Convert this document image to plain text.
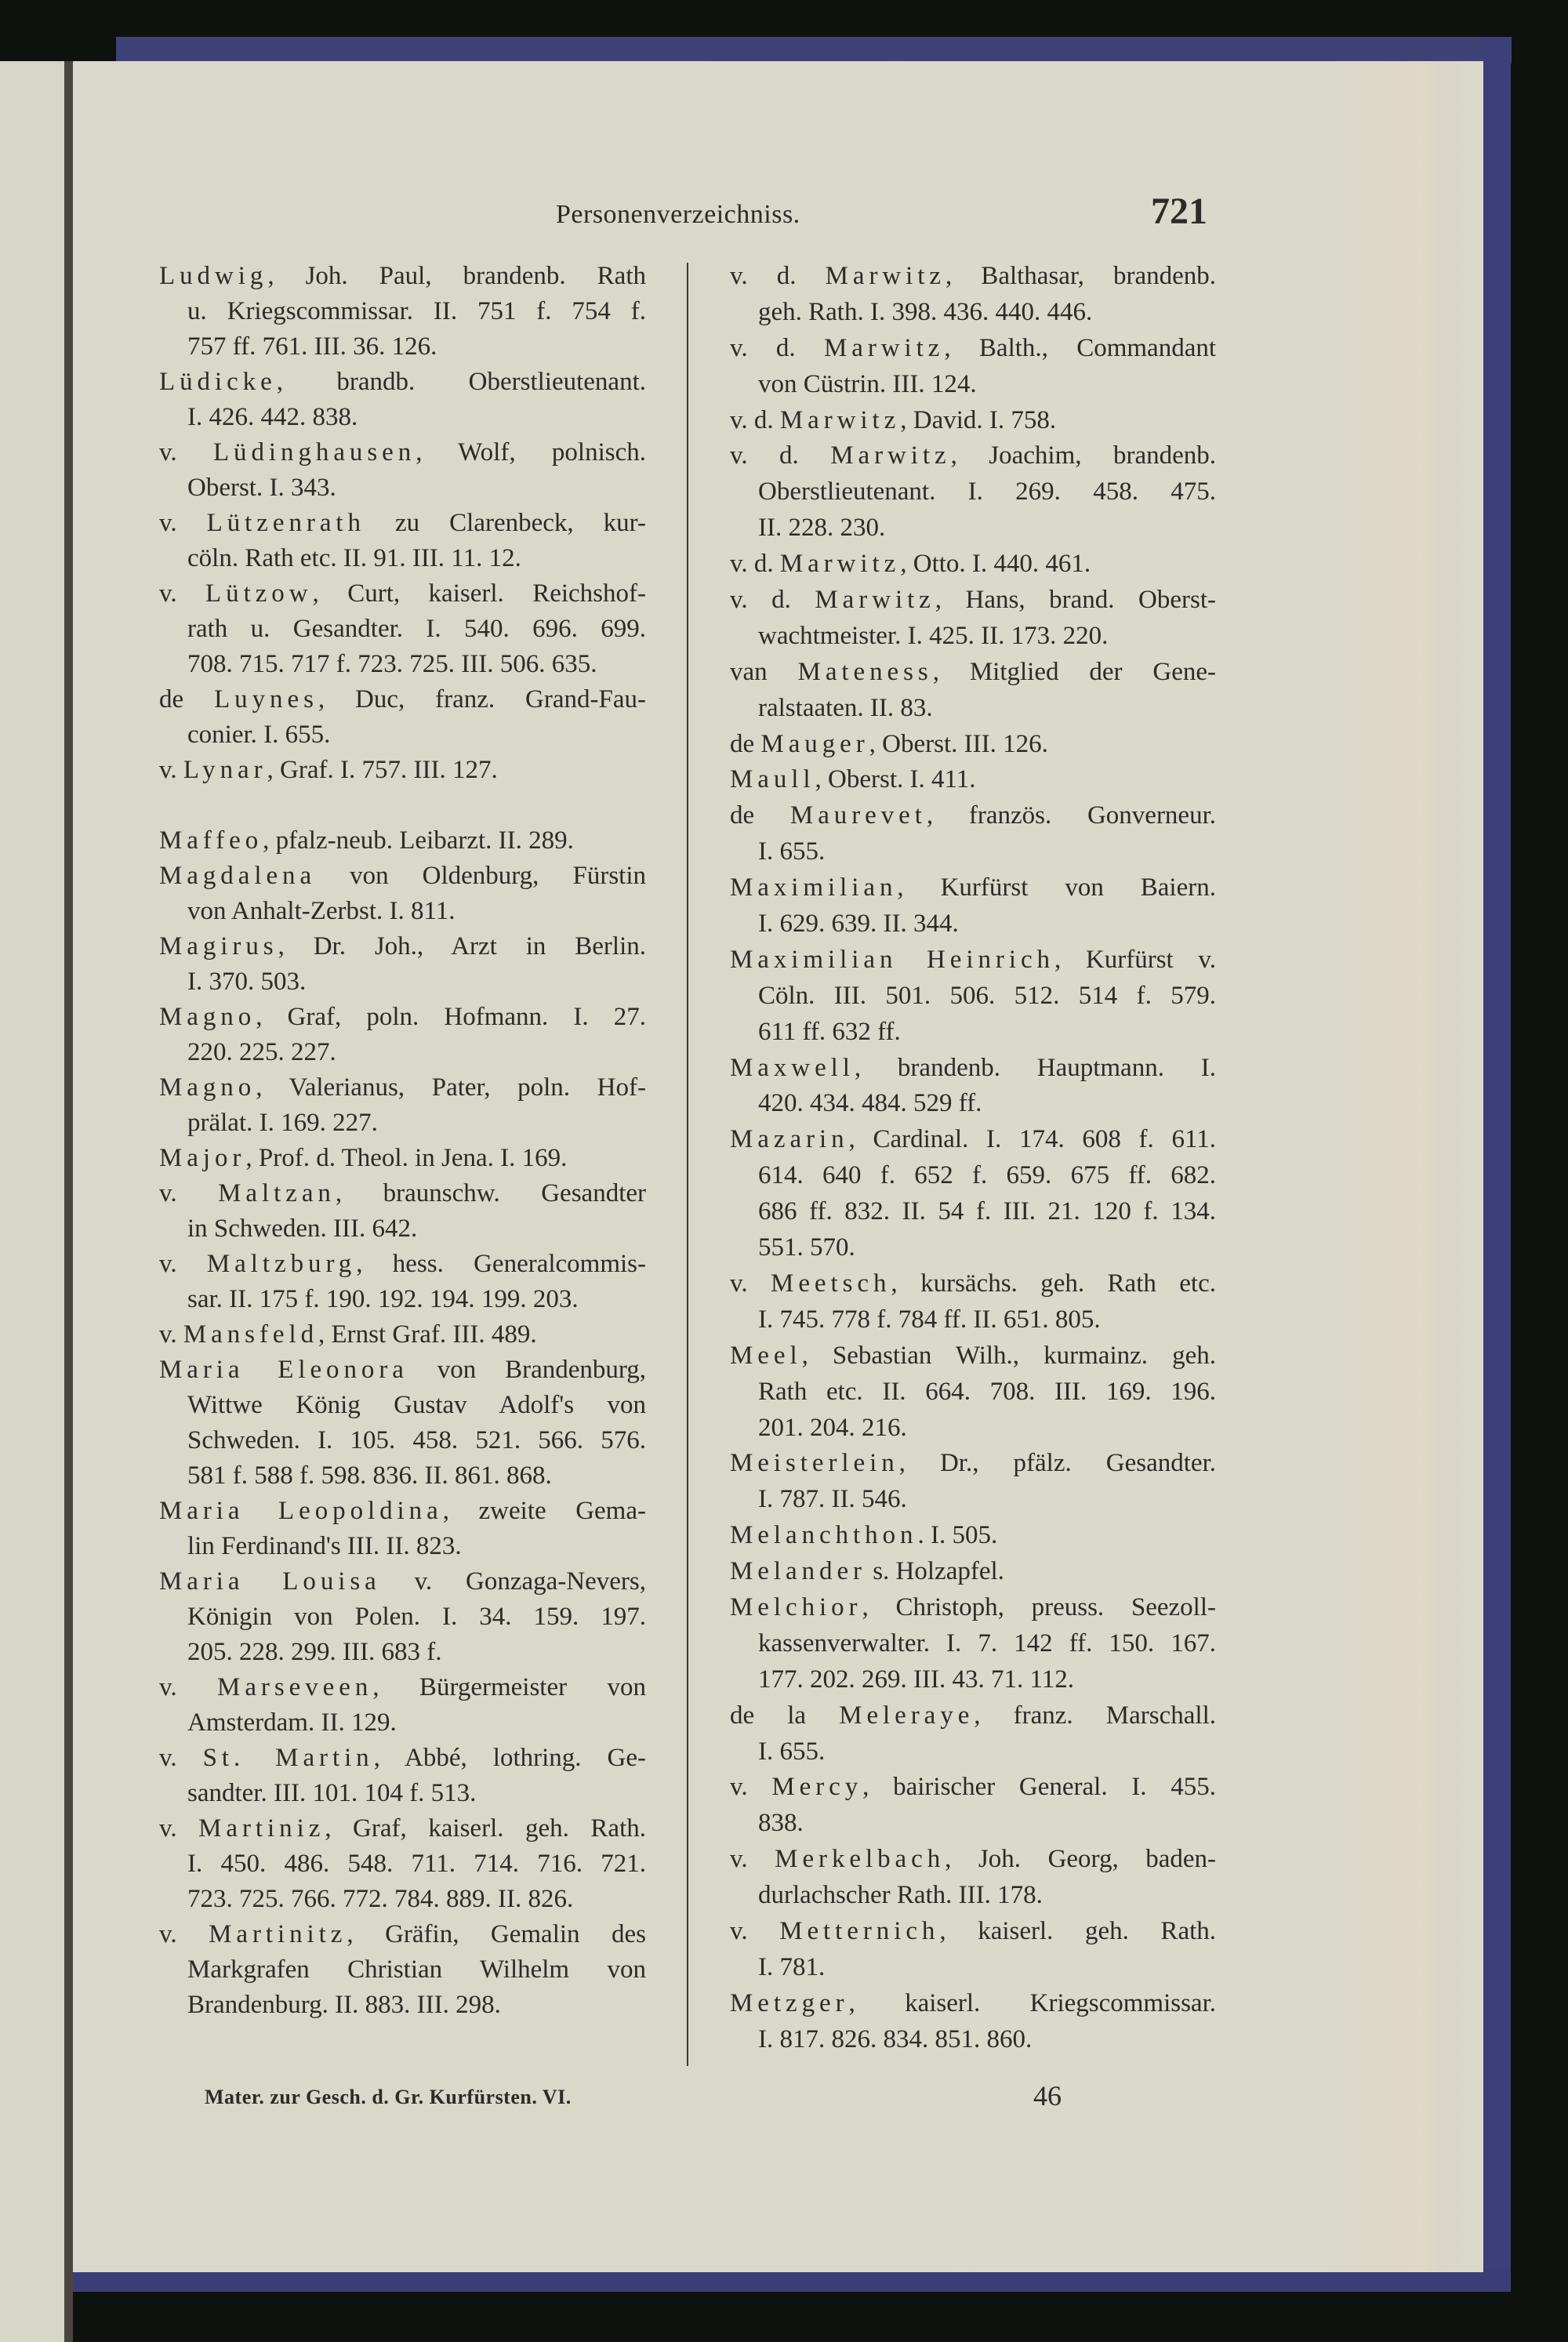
Personenverzeichniss.	721
Ludwig, Joh. Paul, brandenb. Rath
u. Kriegscommissar. II. 751 f. 754 f.
757 ff. 761. III. 36. 126.
Lüdicke, brandb. Oberstlieutenant.
I. 426. 442. 838.
v. Lüdinghausen, Wolf, polnisch.
Oberst. I. 343.
v. Lützenrath zu Clarenbeck, kur-
cöln. Rath etc. II. 91. III. 11. 12.
v. Lützow, Curt, kaiserl. Reichshof-
rath u. Gesandter. I. 540. 696. 699.
708. 715. 717 f. 723. 725. III. 506. 635.
de Luynes, Duc, franz. Grand-Fau-
conier. I. 655.
v. Lynar, Graf. I. 757. III. 127.
Maffeo, pfalz-neub. Leibarzt. II. 289.
Magdalena von Oldenburg, Fürstin
von Anhalt-Zerbst. I. 811.
Magirus, Dr. Joh., Arzt in Berlin.
I. 370. 503.
Magno, Graf, poln. Hofmann. I. 27.
220. 225. 227.
Magno, Valerianus, Pater, poln. Hof-
prälat. I. 169. 227.
Major, Prof. d. Theol. in Jena. I. 169.
v. Maltzan, braunschw. Gesandter
in Schweden. III. 642.
v. Maltzburg, hess. Generalcommis-
sar. II. 175 f. 190. 192. 194. 199. 203.
v. Mansfeld, Ernst Graf. III. 489.
Maria Eleonora von Brandenburg,
Wittwe König Gustav Adolf's von
Schweden. I. 105. 458. 521. 566. 576.
581 f. 588 f. 598. 836. II. 861. 868.
Maria Leopoldina, zweite Gema-
lin Ferdinand's III. II. 823.
Maria Louisa v. Gonzaga-Nevers,
Königin von Polen. I. 34. 159. 197.
205. 228. 299. III. 683 f.
v. Marseveen, Bürgermeister von
Amsterdam. II. 129.
v. St. Martin, Abbé, lothring. Ge-
sandter. III. 101. 104 f. 513.
v. Martiniz, Graf, kaiserl. geh. Rath.
I. 450. 486. 548. 711. 714. 716. 721.
723. 725. 766. 772. 784. 889. II. 826.
v. Martinitz, Gräfin, Gemalin des
Markgrafen Christian Wilhelm von
Brandenburg. II. 883. III. 298.
v. d. Marwitz, Balthasar, brandenb.
geh. Rath. I. 398. 436. 440. 446.
v. d. Marwitz, Balth., Commandant
von Cüstrin. III. 124.
v. d. Marwitz, David. I. 758.
v. d. Marwitz, Joachim, brandenb.
Oberstlieutenant. I. 269. 458. 475.
II. 228. 230.
v. d. Marwitz, Otto. I. 440. 461.
v. d. Marwitz, Hans, brand. Oberst-
wachtmeister. I. 425. II. 173. 220.
van Mateness, Mitglied der Gene-
ralstaaten. II. 83.
de Mauger, Oberst. III. 126.
Maull, Oberst. I. 411.
de Maurevet, französ. Gonverneur.
I. 655.
Maximilian, Kurfürst von Baiern.
I. 629. 639. II. 344.
Maximilian Heinrich, Kurfürst v.
Cöln. III. 501. 506. 512. 514 f. 579.
611 ff. 632 ff.
Maxwell, brandenb. Hauptmann. I.
420. 434. 484. 529 ff.
Mazarin, Cardinal. I. 174. 608 f. 611.
614. 640 f. 652 f. 659. 675 ff. 682.
686 ff. 832. II. 54 f. III. 21. 120 f. 134.
551. 570.
v. Meetsch, kursächs. geh. Rath etc.
I. 745. 778 f. 784 ff. II. 651. 805.
Meel, Sebastian Wilh., kurmainz. geh.
Rath etc. II. 664. 708. III. 169. 196.
201. 204. 216.
Meisterlein, Dr., pfälz. Gesandter.
I. 787. II. 546.
Melanchthon. I. 505.
Melander s. Holzapfel.
Melchior, Christoph, preuss. Seezoll-
kassenverwalter. I. 7. 142 ff. 150. 167.
177. 202. 269. III. 43. 71. 112.
de la Meleraye, franz. Marschall.
I. 655.
v. Mercy, bairischer General. I. 455.
838.
v. Merkelbach, Joh. Georg, baden-
durlachscher Rath. III. 178.
v. Metternich, kaiserl. geh. Rath.
I. 781.
Metzger, kaiserl. Kriegscommissar.
I. 817. 826. 834. 851. 860.
Mater. zur Gesch. d. Gr. Kurfürsten. VI.	46
